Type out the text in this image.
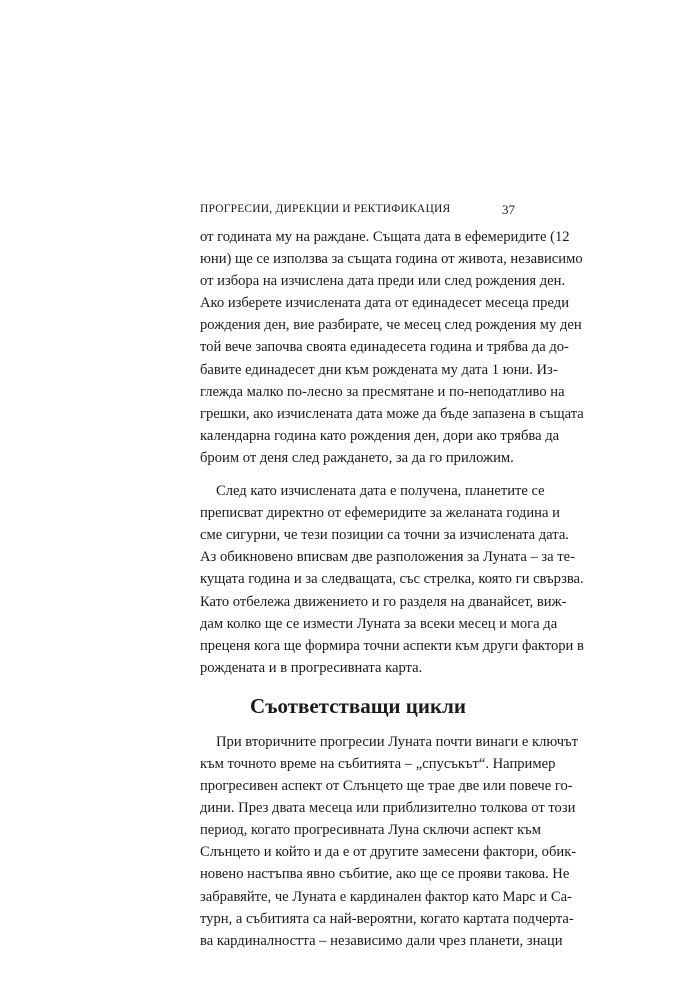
ПРОГРЕСИИ, ДИРЕКЦИИ И РЕКТИФИКАЦИЯ	37
от годината му на раждане. Същата дата в ефемеридите (12
юни) ще се използва за същата година от живота, независимо
от избора на изчислена дата преди или след рождения ден.
Ако изберете изчислената дата от единадесет месеца преди
рождения ден, вие разбирате, че месец след рождения му ден
той вече започва своята единадесета година и трябва да до-
бавите единадесет дни към рождената му дата 1 юни. Из-
глежда малко по-лесно за пресмятане и по-неподатливо на
грешки, ако изчислената дата може да бъде запазена в същата
календарна година като рождения ден, дори ако трябва да
броим от деня след раждането, за да го приложим.
След като изчислената дата е получена, планетите се
преписват директно от ефемеридите за желаната година и
сме сигурни, че тези позиции са точни за изчислената дата.
Аз обикновено вписвам две разположения за Луната – за те-
кущата година и за следващата, със стрелка, която ги свързва.
Като отбележа движението и го разделя на дванайсет, виж-
дам колко ще се измести Луната за всеки месец и мога да
преценя кога ще формира точни аспекти към други фактори в
рождената и в прогресивната карта.
Съответстващи цикли
При вторичните прогресии Луната почти винаги е ключът
към точното време на събитията – „спусъкът“. Например
прогресивен аспект от Слънцето ще трае две или повече го-
дини. През двата месеца или приблизително толкова от този
период, когато прогресивната Луна сключи аспект към
Слънцето и който и да е от другите замесени фактори, обик-
новено настъпва явно събитие, ако ще се прояви такова. Не
забравяйте, че Луната е кардинален фактор като Марс и Са-
турн, а събитията са най-вероятни, когато картата подчерта-
ва кардиналността – независимо дали чрез планети, знаци
